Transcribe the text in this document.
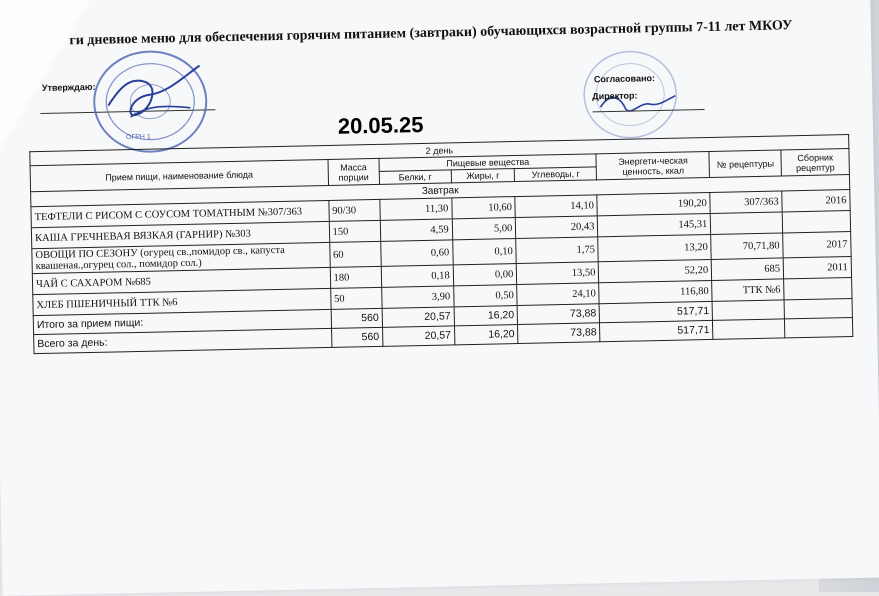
ги дневное меню для обеспечения горячим питанием (завтраки) обучающихся возрастной группы 7-11 лет МКОУ
Утверждаю:
ОГРН 1
Согласовано:
Директор:
20.05.25
2 день							
Прием пищи, наименование блюда	Масса порции	Пищевые вещества			Энергети-ческая ценность, ккал	№ рецептуры	Сборник рецептур
		Белки, г	Жиры, г	Углеводы, г			
Завтрак							
ТЕФТЕЛИ С РИСОМ С СОУСОМ ТОМАТНЫМ №307/363	90/30	11,30	10,60	14,10	190,20	307/363	2016
КАША ГРЕЧНЕВАЯ ВЯЗКАЯ (ГАРНИР) №303	150	4,59	5,00	20,43	145,31		
ОВОЩИ ПО СЕЗОНУ (огурец св.,помидор св., капуста квашеная.,огурец сол., помидор сол.)	60	0,60	0,10	1,75	13,20	70,71,80	2017
ЧАЙ С САХАРОМ №685	180	0,18	0,00	13,50	52,20	685	2011
ХЛЕБ ПШЕНИЧНЫЙ ТТК №6	50	3,90	0,50	24,10	116,80	ТТК №6	
Итого за прием пищи:	560	20,57	16,20	73,88	517,71		
Всего за день:	560	20,57	16,20	73,88	517,71		
